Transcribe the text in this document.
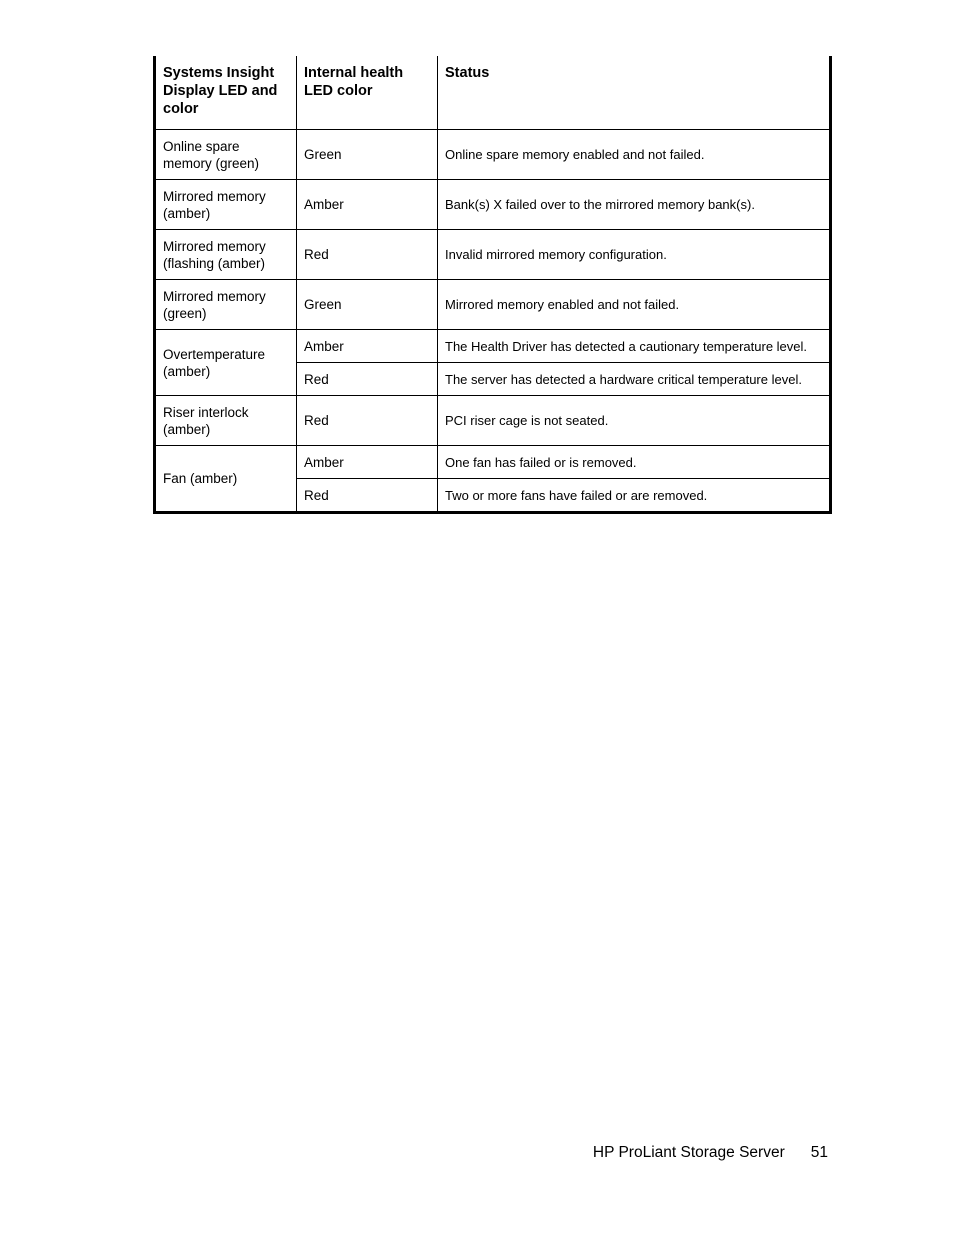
Systems Insight Display LED and color	Internal health LED color	Status
Online spare memory (green)	Green	Online spare memory enabled and not failed.
Mirrored memory (amber)	Amber	Bank(s) X failed over to the mirrored memory bank(s).
Mirrored memory (flashing (amber)	Red	Invalid mirrored memory configuration.
Mirrored memory (green)	Green	Mirrored memory enabled and not failed.
Overtemperature (amber)	Amber	The Health Driver has detected a cautionary temperature level.
	Red	The server has detected a hardware critical temperature level.
Riser interlock (amber)	Red	PCI riser cage is not seated.
Fan (amber)	Amber	One fan has failed or is removed.
	Red	Two or more fans have failed or are removed.
HP ProLiant Storage Server 51
